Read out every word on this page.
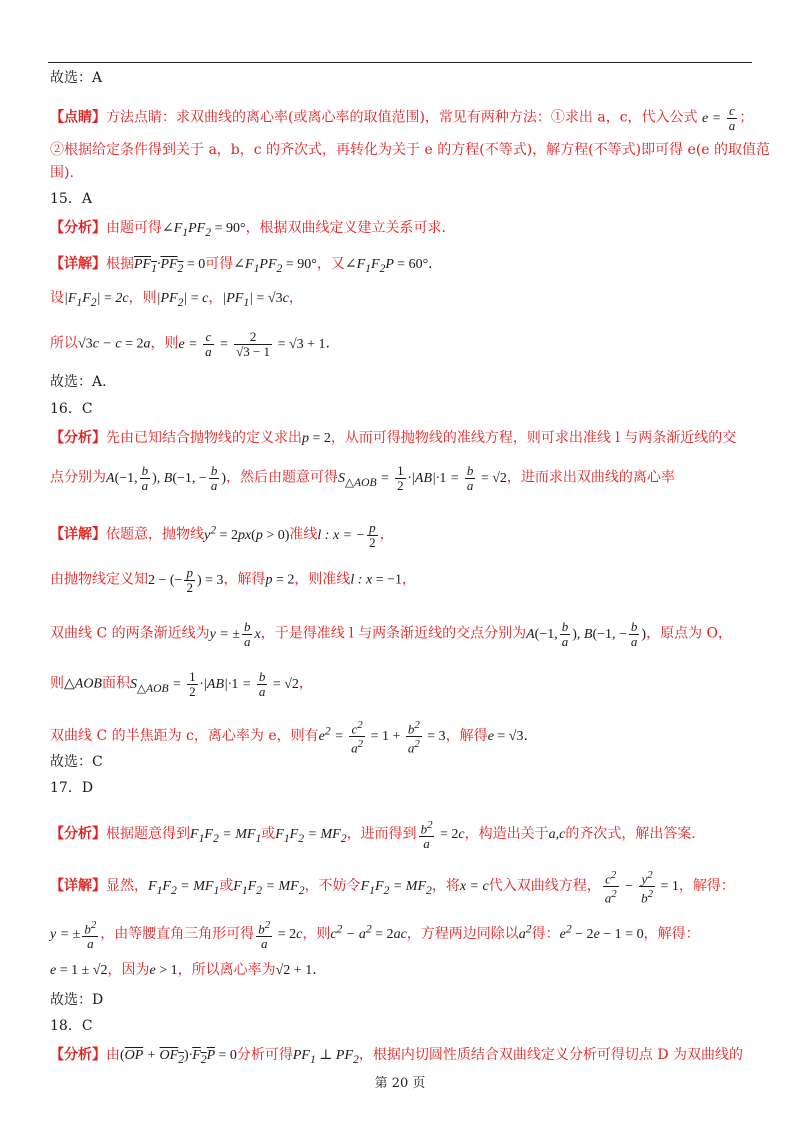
故选：A
【点睛】方法点睛：求双曲线的离心率(或离心率的取值范围)，常见有两种方法：①求出 a，c，代入公式 $e = \frac{c}{a}$ ；
②根据给定条件得到关于 a，b，c 的齐次式，再转化为关于 e 的方程(不等式)，解方程(不等式)即可得 e(e 的取值范
围).
15．A
【分析】由题可得$\angle F_1PF_2 = 90^\circ$，根据双曲线定义建立关系可求.
【详解】根据$PF_1\cdot PF_2 = 0$可得$\angle F_1PF_2 = 90^\circ$，又$\angle F_1F_2P = 60^\circ$.
设$|F_1F_2| = 2c$，则$|PF_2| = c$，$|PF_1| = √3c$，
所以√3c − c = 2a，则$e = \frac{c}{a} = \frac{2}{√3 - 1} = √3 + 1$.
故选：A.
16．C
【分析】先由已知结合抛物线的定义求出p = 2，从而可得抛物线的准线方程，则可求出准线 l 与两条渐近线的交
点分别为A(−1, $\frac{b}{a}$ ), B(−1, − $\frac{b}{a}$ )，然后由题意可得$S_{\triangle AOB} = \frac{1}{2} \cdot|AB|\cdot 1 = \frac{b}{a} = √2$，进而求出双曲线的离心率
【详解】依题意，抛物线$y^2 = 2px(p > 0)$准线l : x = − $\frac{p}{2}$ ，
由抛物线定义知2 − (− $\frac{p}{2}$ ) = 3，解得p = 2，则准线l : x = −1，
双曲线 C 的两条渐近线为y = ± $\frac{b}{a}$ x，于是得准线 l 与两条渐近线的交点分别为A(−1, $\frac{b}{a}$ ), B(−1, − $\frac{b}{a}$ )，原点为 O，
则△AOB面积$S_{\triangle AOB} = \frac{1}{2} \cdot|AB|\cdot 1 = \frac{b}{a} = √2$，
双曲线 C 的半焦距为 c，离心率为 e，则有$e^2 = \frac{c^2}{a^2} = 1 + \frac{b^2}{a^2} = 3$，解得e = √3.
故选：C
17．D
【分析】根据题意得到$F_1F_2 = MF_1$或$F_1F_2 = MF_2$，进而得到 $\frac{b^2}{a} = 2c$，构造出关于a,c的齐次式，解出答案.
【详解】显然，$F_1F_2 = MF_1$或$F_1F_2 = MF_2$，不妨令$F_1F_2 = MF_2$，将x = c代入双曲线方程， $\frac{c^2}{a^2} - \frac{y^2}{b^2} = 1$，解得：
y = ± $\frac{b^2}{a}$ ，由等腰直角三角形可得 $\frac{b^2}{a} = 2c$，则$c^2 - a^2 = 2ac$，方程两边同除以$a^2$得：$e^2 - 2e - 1 = 0$，解得：
e = 1 ± √2，因为e > 1，所以离心率为√2 + 1.
故选：D
18．C
【分析】由$(\overline{OP} + OF_2)\cdot F_2P = 0$分析可得$PF_1$ ⊥ $PF_2$，根据内切圆性质结合双曲线定义分析可得切点 D 为双曲线的
第 20 页
